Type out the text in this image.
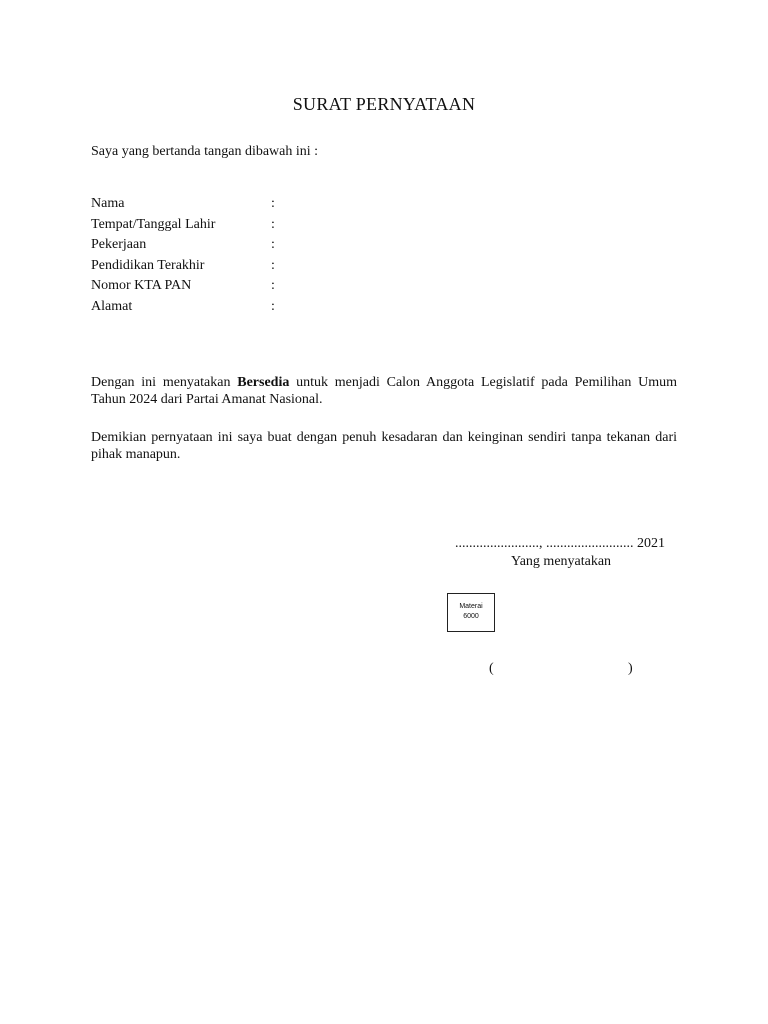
SURAT PERNYATAAN
Saya yang bertanda tangan dibawah ini :
Nama	:
Tempat/Tanggal Lahir	:
Pekerjaan	:
Pendidikan Terakhir	:
Nomor KTA PAN	:
Alamat	:
Dengan ini menyatakan Bersedia untuk menjadi Calon Anggota Legislatif pada Pemilihan Umum Tahun 2024 dari Partai Amanat Nasional.
Demikian pernyataan ini saya buat dengan penuh kesadaran dan keinginan sendiri tanpa tekanan dari pihak manapun.
........................, ......................... 2021
Yang menyatakan
Materai
6000
(	)
